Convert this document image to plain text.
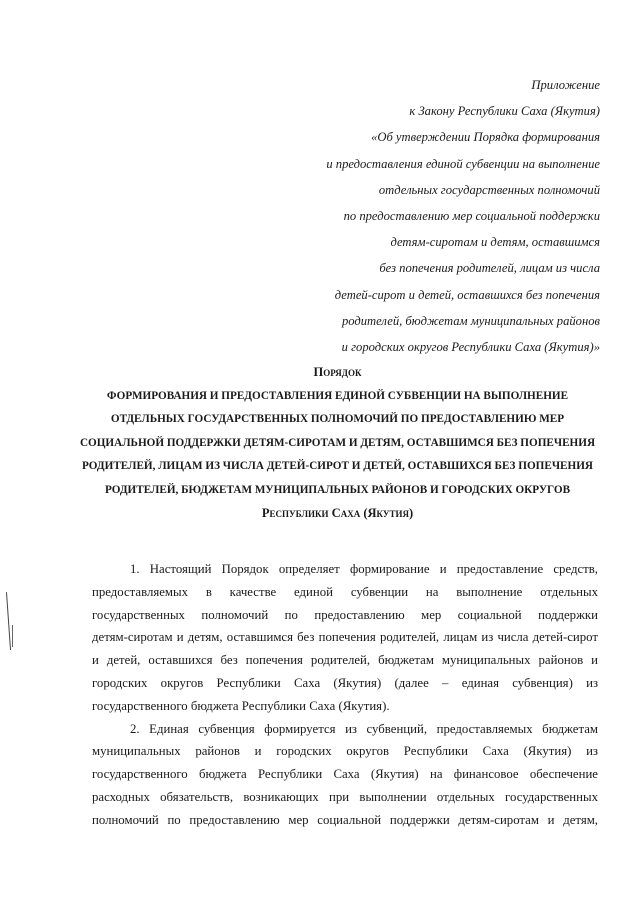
Приложение
к Закону Республики Саха (Якутия)
«Об утверждении Порядка формирования
и предоставления единой субвенции на выполнение
отдельных государственных полномочий
по предоставлению мер социальной поддержки
детям-сиротам и детям, оставшимся
без попечения родителей, лицам из числа
детей-сирот и детей, оставшихся без попечения
родителей, бюджетам муниципальных районов
и городских округов Республики Саха (Якутия)»
Порядок
ФОРМИРОВАНИЯ И ПРЕДОСТАВЛЕНИЯ ЕДИНОЙ СУБВЕНЦИИ НА ВЫПОЛНЕНИЕ
ОТДЕЛЬНЫХ ГОСУДАРСТВЕННЫХ ПОЛНОМОЧИЙ ПО ПРЕДОСТАВЛЕНИЮ МЕР
СОЦИАЛЬНОЙ ПОДДЕРЖКИ ДЕТЯМ-СИРОТАМ И ДЕТЯМ, ОСТАВШИМСЯ БЕЗ ПОПЕЧЕНИЯ
РОДИТЕЛЕЙ, ЛИЦАМ ИЗ ЧИСЛА ДЕТЕЙ-СИРОТ И ДЕТЕЙ, ОСТАВШИХСЯ БЕЗ ПОПЕЧЕНИЯ
РОДИТЕЛЕЙ, БЮДЖЕТАМ МУНИЦИПАЛЬНЫХ РАЙОНОВ И ГОРОДСКИХ ОКРУГОВ
Республики Саха (Якутия)

1. Настоящий Порядок определяет формирование и предоставление средств,
предоставляемых в качестве единой субвенции на выполнение отдельных
государственных полномочий по предоставлению мер социальной поддержки
детям-сиротам и детям, оставшимся без попечения родителей, лицам из числа детей-сирот
и детей, оставшихся без попечения родителей, бюджетам муниципальных районов и
городских округов Республики Саха (Якутия) (далее – единая субвенция) из
государственного бюджета Республики Саха (Якутия).

2. Единая субвенция формируется из субвенций, предоставляемых бюджетам
муниципальных районов и городских округов Республики Саха (Якутия) из
государственного бюджета Республики Саха (Якутия) на финансовое обеспечение
расходных обязательств, возникающих при выполнении отдельных государственных
полномочий по предоставлению мер социальной поддержки детям-сиротам и детям,
